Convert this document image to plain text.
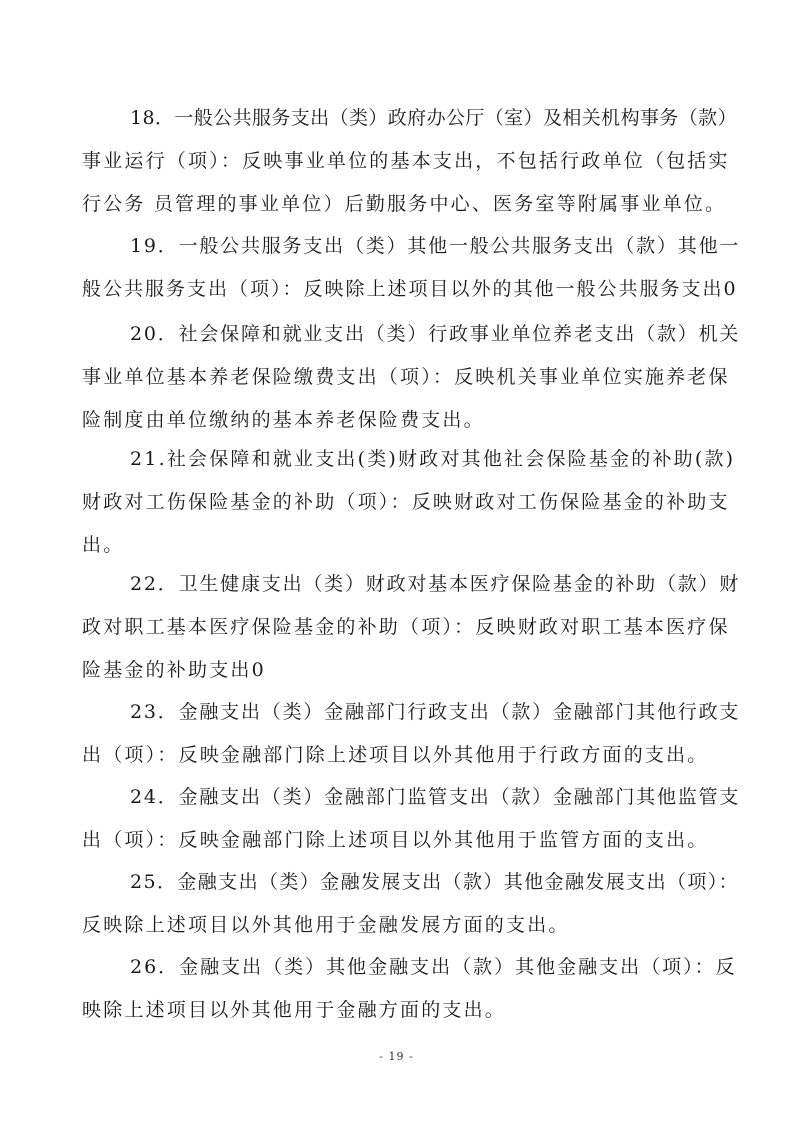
18．一般公共服务支出（类）政府办公厅（室）及相关机构事务（款）
事业运行（项）：反映事业单位的基本支出，不包括行政单位（包括实
行公务 员管理的事业单位）后勤服务中心、医务室等附属事业单位。
19．一般公共服务支出（类）其他一般公共服务支出（款）其他一
般公共服务支出（项）：反映除上述项目以外的其他一般公共服务支出0
20．社会保障和就业支出（类）行政事业单位养老支出（款）机关
事业单位基本养老保险缴费支出（项）：反映机关事业单位实施养老保
险制度由单位缴纳的基本养老保险费支出。
21.社会保障和就业支出(类)财政对其他社会保险基金的补助(款)
财政对工伤保险基金的补助（项）：反映财政对工伤保险基金的补助支
出。
22．卫生健康支出（类）财政对基本医疗保险基金的补助（款）财
政对职工基本医疗保险基金的补助（项）：反映财政对职工基本医疗保
险基金的补助支出0
23．金融支出（类）金融部门行政支出（款）金融部门其他行政支
出（项）：反映金融部门除上述项目以外其他用于行政方面的支出。
24．金融支出（类）金融部门监管支出（款）金融部门其他监管支
出（项）：反映金融部门除上述项目以外其他用于监管方面的支出。
25．金融支出（类）金融发展支出（款）其他金融发展支出（项）：
反映除上述项目以外其他用于金融发展方面的支出。
26．金融支出（类）其他金融支出（款）其他金融支出（项）：反
映除上述项目以外其他用于金融方面的支出。
- 19 -
